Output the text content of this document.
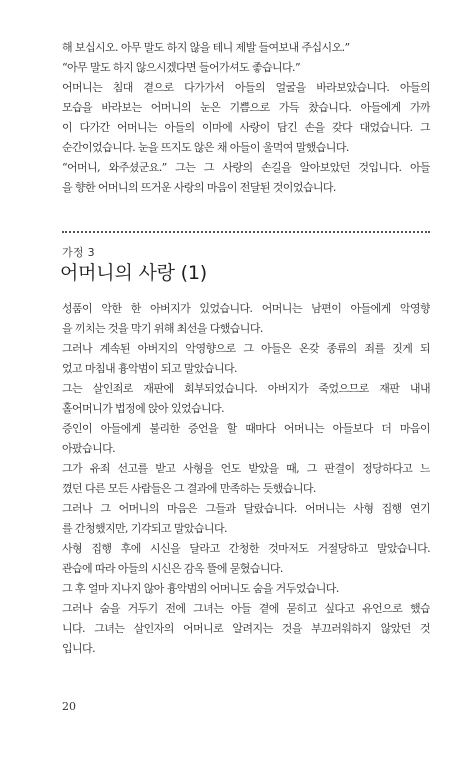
해 보십시오. 아무 말도 하지 않을 테니 제발 들여보내 주십시오.”
“아무 말도 하지 않으시겠다면 들어가셔도 좋습니다.”
어머니는 침대 곁으로 다가가서 아들의 얼굴을 바라보았습니다. 아들의
모습을 바라보는 어머니의 눈은 기쁨으로 가득 찼습니다. 아들에게 가까
이 다가간 어머니는 아들의 이마에 사랑이 담긴 손을 갖다 대었습니다. 그
순간이었습니다. 눈을 뜨지도 않은 채 아들이 울먹여 말했습니다.
“어머니, 와주셨군요.” 그는 그 사랑의 손길을 알아보았던 것입니다. 아들
을 향한 어머니의 뜨거운 사랑의 마음이 전달된 것이었습니다.
가정 3
어머니의 사랑 (1)
성품이 악한 한 아버지가 있었습니다. 어머니는 남편이 아들에게 악영향
을 끼치는 것을 막기 위해 최선을 다했습니다.
그러나 계속된 아버지의 악영향으로 그 아들은 온갖 종류의 죄를 짓게 되
었고 마침내 흉악범이 되고 말았습니다.
그는 살인죄로 재판에 회부되었습니다. 아버지가 죽었으므로 재판 내내
홀어머니가 법정에 앉아 있었습니다.
증인이 아들에게 불리한 증언을 할 때마다 어머니는 아들보다 더 마음이
아팠습니다.
그가 유죄 선고를 받고 사형을 언도 받았을 때, 그 판결이 정당하다고 느
꼈던 다른 모든 사람들은 그 결과에 만족하는 듯했습니다.
그러나 그 어머니의 마음은 그들과 달랐습니다. 어머니는 사형 집행 연기
를 간청했지만, 기각되고 말았습니다.
사형 집행 후에 시신을 달라고 간청한 것마저도 거절당하고 말았습니다.
관습에 따라 아들의 시신은 감옥 뜰에 묻혔습니다.
그 후 얼마 지나지 않아 흉악범의 어머니도 숨을 거두었습니다.
그러나 숨을 거두기 전에 그녀는 아들 곁에 묻히고 싶다고 유언으로 했습
니다. 그녀는 살인자의 어머니로 알려지는 것을 부끄러워하지 않았던 것
입니다.
20
